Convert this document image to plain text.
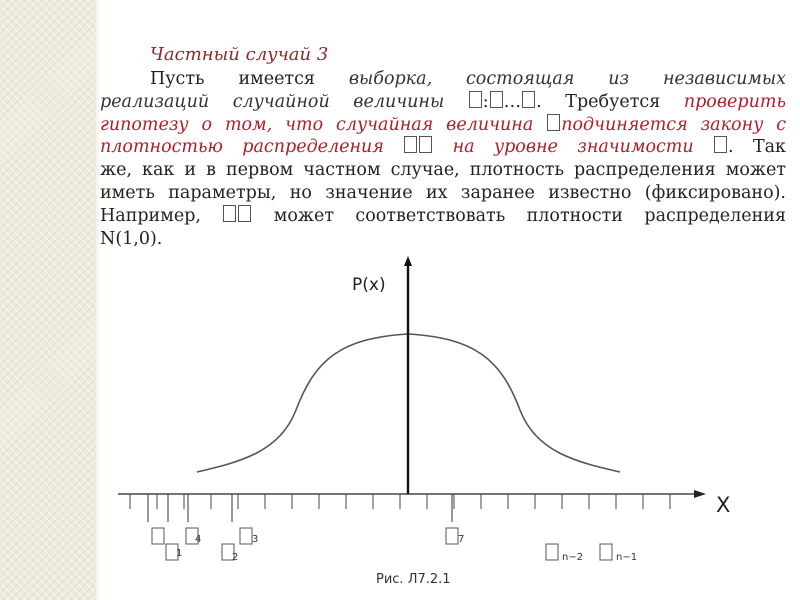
Частный случай 3
Пусть имеется выборка, состоящая из независимых
реализаций случайной величины : … . Требуется проверить
гипотезу о том, что случайная величина подчиняется закону с
плотностью распределения  на уровне значимости . Так
же, как и в первом частном случае, плотность распределения может
иметь параметры, но значение их заранее известно (фиксировано).
Например,  может соответствовать плотности распределения
N(1,0).
P(x)
X
4
1
3
2
7
n−2	n−1
Рис. Л7.2.1
